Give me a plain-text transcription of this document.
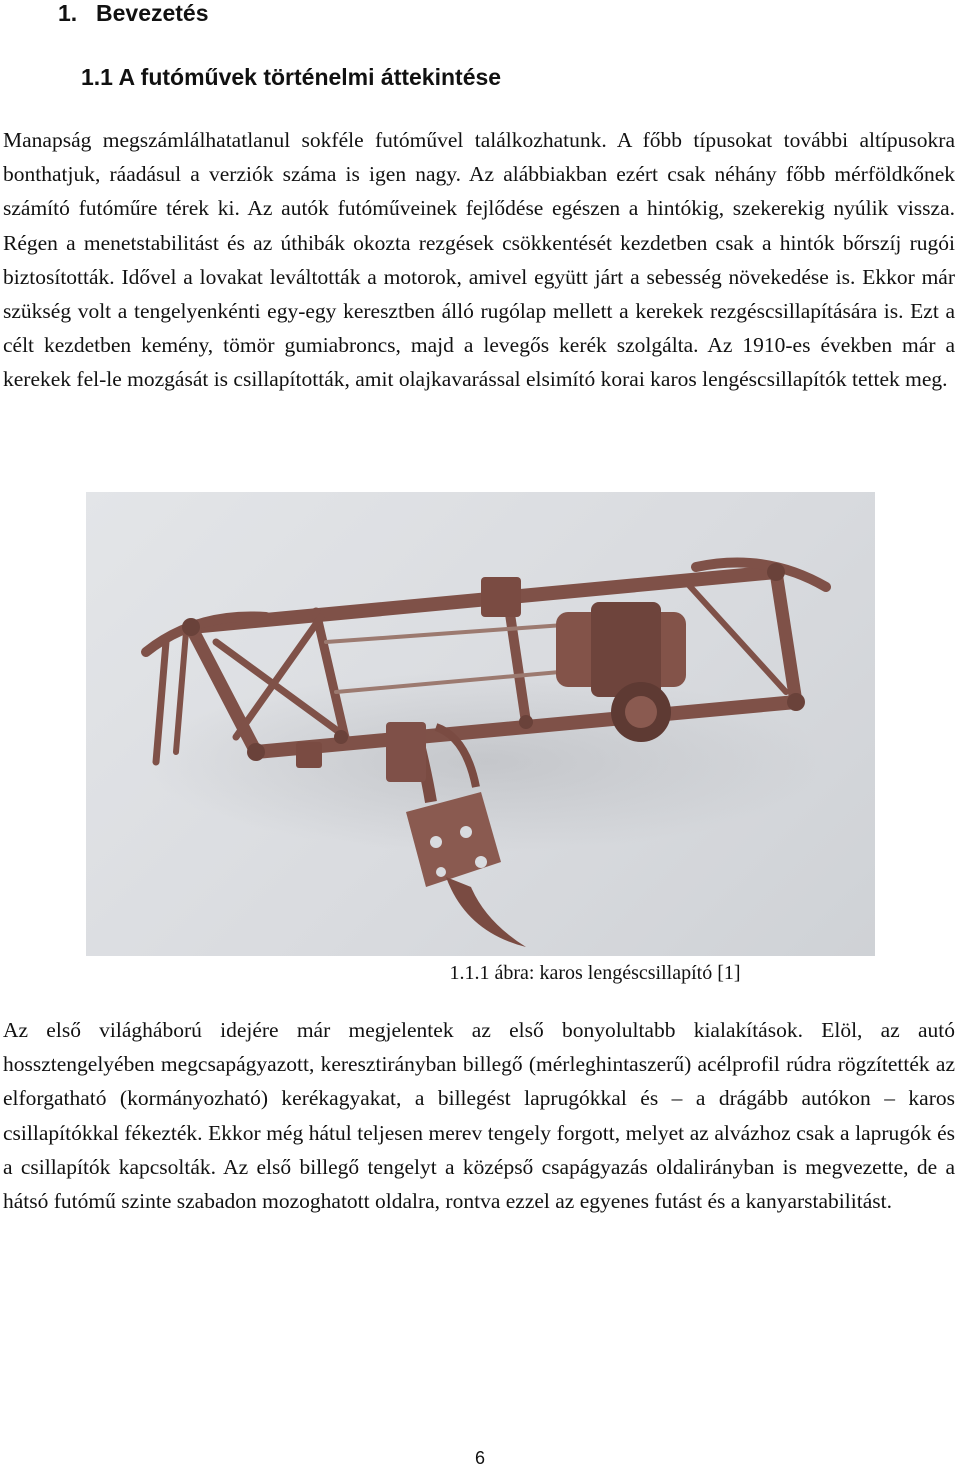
1. Bevezetés
1.1 A futóművek történelmi áttekintése

Manapság megszámlálhatatlanul sokféle futóművel találkozhatunk. A főbb típusokat további altípusokra bonthatjuk, ráadásul a verziók száma is igen nagy. Az alábbiakban ezért csak néhány főbb mérföldkőnek számító futóműre térek ki. Az autók futóműveinek fejlődése egészen a hintókig, szekerekig nyúlik vissza. Régen a menetstabilitást és az úthibák okozta rezgések csökkentését kezdetben csak a hintók bőrszíj rugói biztosították. Idővel a lovakat leváltották a motorok, amivel együtt járt a sebesség növekedése is. Ekkor már szükség volt a tengelyenkénti egy-egy keresztben álló rugólap mellett a kerekek rezgéscsillapítására is. Ezt a célt kezdetben kemény, tömör gumiabroncs, majd a levegős kerék szolgálta. Az 1910-es években már a kerekek fel-le mozgását is csillapították, amit olajkavarással elsimító korai karos lengéscsillapítók tettek meg.

1.1.1 ábra: karos lengéscsillapító [1]

Az első világháború idejére már megjelentek az első bonyolultabb kialakítások. Elöl, az autó hossztengelyében megcsapágyazott, keresztirányban billegő (mérleghintaszerű) acélprofil rúdra rögzítették az elforgatható (kormányozható) kerékagyakat, a billegést laprugókkal és – a drágább autókon – karos csillapítókkal fékezték. Ekkor még hátul teljesen merev tengely forgott, melyet az alvázhoz csak a laprugók és a csillapítók kapcsolták. Az első billegő tengelyt a középső csapágyazás oldalirányban is megvezette, de a hátsó futómű szinte szabadon mozoghatott oldalra, rontva ezzel az egyenes futást és a kanyarstabilitást.

6
